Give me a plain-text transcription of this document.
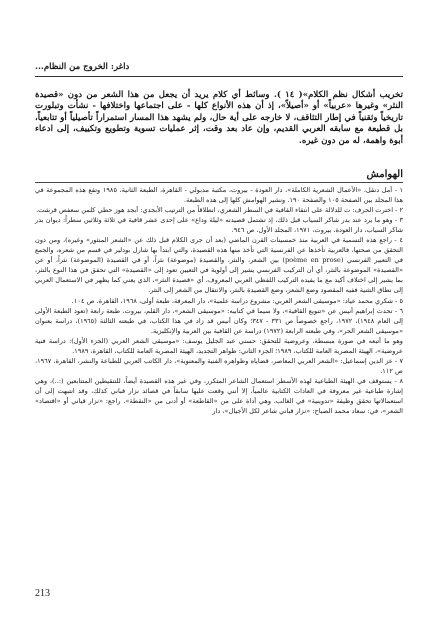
داغر: الخروج من النظام...

تخريب أشكال نظم الكلام»( ١٤ ). وسائط أي كلام يريد أن يجعل من هذا الشعر من دون «قصيدة النثر» وغيرها «عربياً» أو «أصيلاً»، إذ أن هذه الأنواع كلها - على اجتماعها واختلافها - نشأت وتبلورت تاريخياً وثقنياً في إطار التثاقف، لا خارجه على أية حال، ولم يشهد هذا المسار استمراراً تأصيلياً أو تتابعياً، بل قطيعة مع سابقه العربي القديم، وإن عاد بعد وقت، إثر عمليات تسوية وتطويع وتكييف، إلى ادعاء أبوة واهمة، له من دون غيره.

الهوامش

١ - أمل دنقل، «الأعمال الشعرية الكاملة»، دار العودة - بيروت، مكتبة مدبولي - القاهرة، الطبعة الثانية، ١٩٨٥ وتقع هذه المجموعة في هذا المجلد بين الصفحة ١٠٥ والصفحة ١٩٠. ونشير الهوامش كلها إلى هذه الطبعة.

٢ - اخترت الحرف: ت للدلالة على انتقاء القافية في السطر الشعري، انطلاقاً من الترتيب الأبجدي: أبجد هوز حطي كلمن سعفص قرشت.

٣ - وهو ما يرد عند بدر شاكر السياب قبل ذلك، إذ تشتمل قصيدته «ليلة وداع» على إحدى عشر قافية في ثلاثة وثلاثين سطراً: ديوان بدر شاكر السياب، دار العودة، بيروت، ١٩٧١، المجلد الأول، ص ٩٤٦.

٤ - راجع هذه التسمية في العربية منذ خمسينات القرن الماضي (بعد أن جرى الكلام قبل ذلك عن «الشعر المنثور» وغيره)، ومن دون التحقق من صحتها، فالعربية تأخذها عن الفرنسية التي تأخذ منها هذه القصيدة، والتي ابتدأ بها شارل بودلير في قسم من شعره، والجمع في التعبير الفرنسي (poème en prose) بين الشعر، والنثر، والقصيدة (موضوعة) نثراً، أو في القصيدة (الموضوعة) نثراً، أو عن «القصيدة» الموضوعة بالنثر، أي أن التركيب الفرنسي يشير إلى أولوية في التعيين تعود إلى «القصيدة» التي تحقق في هذا النوع بالنثر، بما يشير إلى اختلاف أكيد مع ما يفيده التركيب اللفظي العربي المعروف، أي «قصيدة النثر»، الذي يعني كما يظهر في الاستعمال العربي إلى نطاق التثنية ففيه المقصود وضع الشعر، وضع القصيدة بالنثر، والانتقال من الشعر إلى النثر.

٥ - شكري محمد عياد: «موسيقى الشعر العربي: مشروع دراسة علمية»، دار المعرفة، طبعة أولى، ١٩٦٨، القاهرة، ص ١٠٤.

٦ - تحدث إبراهيم أنيس عن «تنويع القافية»، ولا سيما في كتابيه: «موسيقى الشعر»، دار القلم، بيروت، طبعة رابعة (تعود الطبعة الأولى إلى العام ١٩٤٨)، ١٩٧٢، راجع خصوصاً ص ٣٣١ - ٣٤٧؛ وكان أنيس قد زاد في هذا الكتاب، في طبعته الثالثة (١٩٦٥)، دراسة بعنوان «موسيقى الشعر الحر»، وفي طبعته الرابعة (١٩٧٢) دراسة عن القافية بين العربية والإنكليزية.

وهو ما أتبعه في صورة مبسطة، وعروضية للتحقق: حسني عبد الجليل يوسف: «موسيقى الشعر العربي (الجزء الأول): دراسة فنية عروضية»، الهيئة المصرية العامة للكتاب، ١٩٨٩؛ الجزء الثاني: ظواهر التجديد، الهيئة المصرية العامة للكتاب، القاهرة، ١٩٨٩.

٧ - عز الدين إسماعيل: «الشعر العربي المعاصر، قضاياه وظواهره الفنية والمعنوية»، دار الكاتب العربي للطباعة والنشر، القاهرة، ١٩٦٧، ص ١١٢.

٨ - يستوقف في الهيئة الطباعية لهذه الأسطر استعمال الشاعر المتكرر، وفي غير هذه القصيدة أيضاً، للتنقيطين المتتابعين (:..)، وهي إشارة طباعية غير معروفة في العادات الكتابية عالمياً، إلا أنني وقعت عليها سابقاً في قصائد نزار قباني كذلك، وقد انتبهت إلى أن استعمالاتها تحقق وظيفة «تدوينية» في الغالب، وهي أداة على من «القاطعة» أو أدنى من «النقطة». راجع: «نزار قباني أو «اقتصاد» الشعر»، في: سعاد محمد الصباح: «نزار قباني شاعر لكل الأجيال»، دار

213
